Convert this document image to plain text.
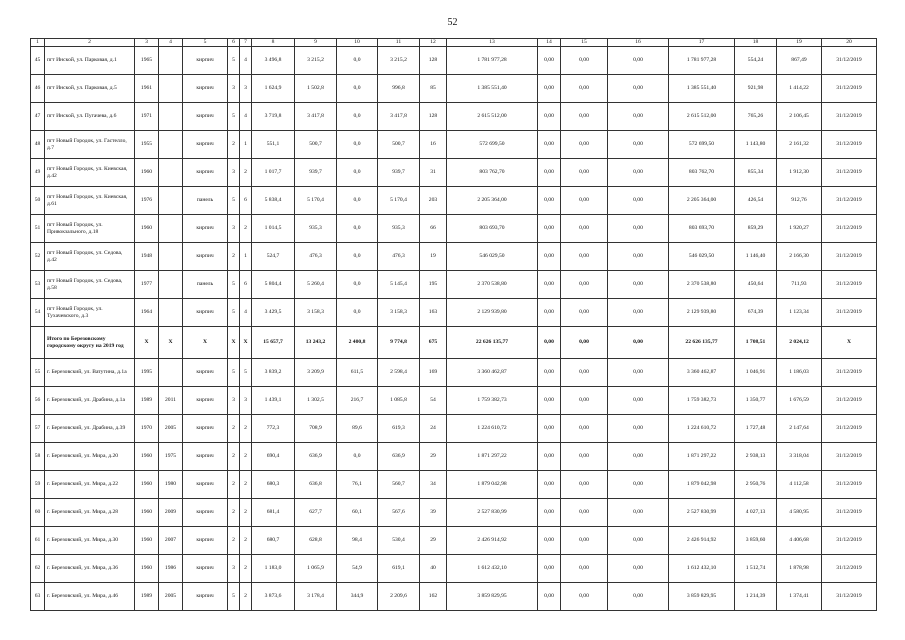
52
1	2	3	4	5	6	7	8	9	10	11	12	13	14	15	16	17	18	19	20
45	пгт Инской, ул. Парковая, д.1	1965		кирпич	5	4	3 496,8	3 215,2	0,0	3 215,2	128	1 781 977,28	0,00	0,00	0,00	1 781 977,28	554,24	867,49	31/12/2019
46	пгт Инской, ул. Парковая, д.5	1961		кирпич	3	3	1 624,9	1 502,8	0,0	996,8	85	1 385 551,40	0,00	0,00	0,00	1 385 551,40	921,98	1 414,22	31/12/2019
47	пгт Инской, ул. Пугачева, д.6	1971		кирпич	5	4	3 719,8	3 417,8	0,0	3 417,8	128	2 615 512,00	0,00	0,00	0,00	2 615 512,00	765,26	2 106,45	31/12/2019
48	пгт Новый Городок, ул. Гастелло, д.7	1955		кирпич	2	1	551,1	500,7	0,0	500,7	16	572 699,50	0,00	0,00	0,00	572 699,50	1 143,80	2 161,32	31/12/2019
49	пгт Новый Городок, ул. Киевская, д.42	1960		кирпич	3	2	1 017,7	939,7	0,0	939,7	31	803 762,70	0,00	0,00	0,00	803 762,70	855,34	1 912,30	31/12/2019
50	пгт Новый Городок, ул. Киевская, д.61	1976		панель	5	6	5 838,4	5 170,4	0,0	5 170,4	203	2 205 364,00	0,00	0,00	0,00	2 205 364,00	426,54	912,76	31/12/2019
51	пгт Новый Городок, ул. Привокзального, д.18	1960		кирпич	3	2	1 014,5	935,3	0,0	935,3	66	803 693,70	0,00	0,00	0,00	803 693,70	859,29	1 920,27	31/12/2019
52	пгт Новый Городок, ул. Седова, д.42	1948		кирпич	2	1	524,7	476,3	0,0	476,3	19	546 029,50	0,00	0,00	0,00	546 029,50	1 146,40	2 166,30	31/12/2019
53	пгт Новый Городок, ул. Седова, д.58	1977		панель	5	6	5 804,4	5 260,4	0,0	5 145,4	195	2 370 538,80	0,00	0,00	0,00	2 370 538,80	450,64	711,93	31/12/2019
54	пгт Новый Городок, ул. Тухачевского, д.3	1964		кирпич	5	4	3 429,5	3 158,3	0,0	3 158,3	163	2 129 939,80	0,00	0,00	0,00	2 129 939,80	674,39	1 123,34	31/12/2019
	Итого по Березовскому городскому округу на 2019 год	X	X	X	X	X	15 657,7	13 243,2	2 400,8	9 774,8	675	22 626 135,77	0,00	0,00	0,00	22 626 135,77	1 708,51	2 024,12	X
55	г. Березовский, ул. Ватутина, д.1а	1995		кирпич	5	5	3 839,2	3 209,9	611,5	2 598,4	169	3 360 462,87	0,00	0,00	0,00	3 360 462,87	1 046,91	1 186,03	31/12/2019
56	г. Березовский, ул. Драбина, д.1а	1989	2011	кирпич	3	3	1 439,1	1 302,5	216,7	1 085,8	54	1 759 382,73	0,00	0,00	0,00	1 759 382,73	1 350,77	1 676,59	31/12/2019
57	г. Березовский, ул. Драбина, д.39	1970	2005	кирпич	2	2	772,3	708,9	89,6	619,3	24	1 224 610,72	0,00	0,00	0,00	1 224 610,72	1 727,48	2 147,64	31/12/2019
58	г. Березовский, ул. Мира, д.20	1960	1975	кирпич	2	2	690,4	636,9	0,0	636,9	29	1 871 297,22	0,00	0,00	0,00	1 871 297,22	2 938,13	3 318,04	31/12/2019
59	г. Березовский, ул. Мира, д.22	1960	1980	кирпич	2	2	680,3	636,8	76,1	560,7	34	1 879 042,98	0,00	0,00	0,00	1 879 042,98	2 950,76	4 112,58	31/12/2019
60	г. Березовский, ул. Мира, д.28	1960	2009	кирпич	2	2	681,4	627,7	60,1	567,6	39	2 527 830,99	0,00	0,00	0,00	2 527 830,99	4 027,13	4 580,95	31/12/2019
61	г. Березовский, ул. Мира, д.30	1960	2007	кирпич	2	2	680,7	628,8	98,4	530,4	29	2 426 914,92	0,00	0,00	0,00	2 426 914,92	3 859,60	4 406,68	31/12/2019
62	г. Березовский, ул. Мира, д.36	1960	1986	кирпич	3	2	1 183,0	1 065,9	54,9	619,1	40	1 612 432,10	0,00	0,00	0,00	1 612 432,10	1 512,74	1 878,98	31/12/2019
63	г. Березовский, ул. Мира, д.46	1989	2005	кирпич	5	2	3 873,6	3 178,4	344,9	2 209,6	162	3 859 829,95	0,00	0,00	0,00	3 859 829,95	1 214,39	1 374,41	31/12/2019
